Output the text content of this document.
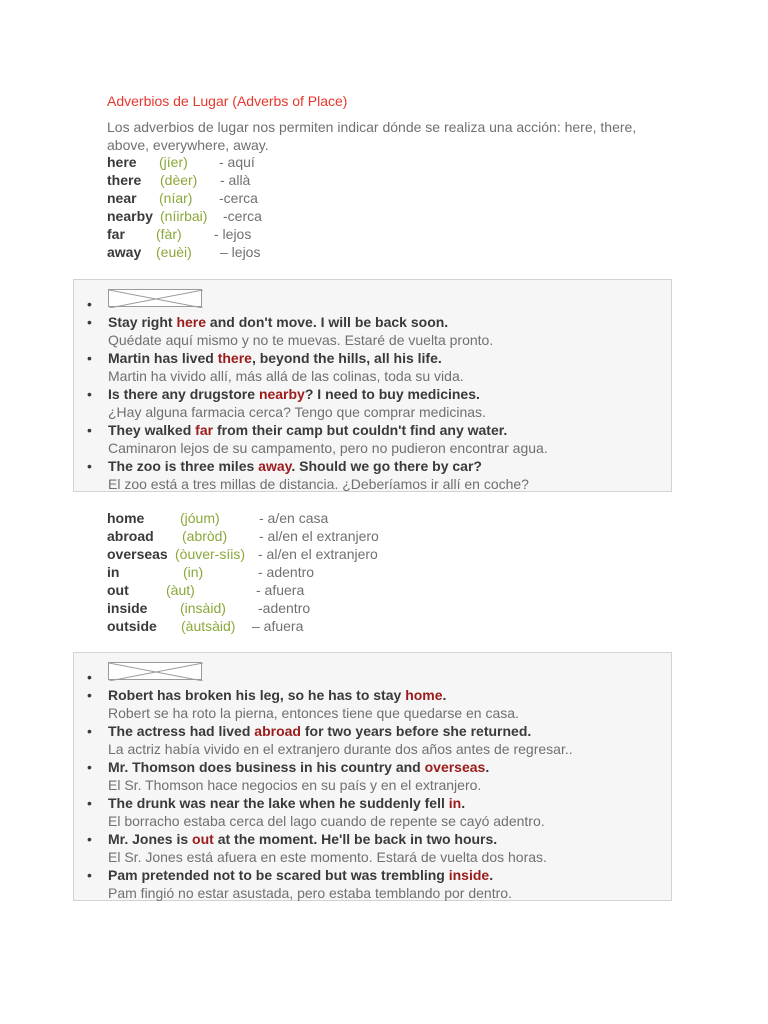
Adverbios de Lugar (Adverbs of Place)
Los adverbios de lugar nos permiten indicar dónde se realiza una acción: here, there, above, everywhere, away.
here (jíer) - aquí
there (dèer) - allà
near (níar) -cerca
nearby (níirbai) -cerca
far (fàr) - lejos
away (euèi) – lejos
•
• Stay right here and don't move. I will be back soon.
Quédate aquí mismo y no te muevas. Estaré de vuelta pronto.
• Martin has lived there, beyond the hills, all his life.
Martin ha vivido allí, más allá de las colinas, toda su vida.
• Is there any drugstore nearby? I need to buy medicines.
¿Hay alguna farmacia cerca? Tengo que comprar medicinas.
• They walked far from their camp but couldn't find any water.
Caminaron lejos de su campamento, pero no pudieron encontrar agua.
• The zoo is three miles away. Should we go there by car?
El zoo está a tres millas de distancia. ¿Deberíamos ir allí en coche?
home	(jóum)	- a/en casa
abroad (abròd) - al/en el extranjero
overseas (òuver-síis) - al/en el extranjero
in	(in)	- adentro
out	(àut)	- afuera
inside (insàid) -adentro
outside (àutsàid) – afuera
•
• Robert has broken his leg, so he has to stay home.
Robert se ha roto la pierna, entonces tiene que quedarse en casa.
• The actress had lived abroad for two years before she returned.
La actriz había vivido en el extranjero durante dos años antes de regresar..
• Mr. Thomson does business in his country and overseas.
El Sr. Thomson hace negocios en su país y en el extranjero.
• The drunk was near the lake when he suddenly fell in.
El borracho estaba cerca del lago cuando de repente se cayó adentro.
• Mr. Jones is out at the moment. He'll be back in two hours.
El Sr. Jones está afuera en este momento. Estará de vuelta dos horas.
• Pam pretended not to be scared but was trembling inside.
Pam fingió no estar asustada, pero estaba temblando por dentro.
